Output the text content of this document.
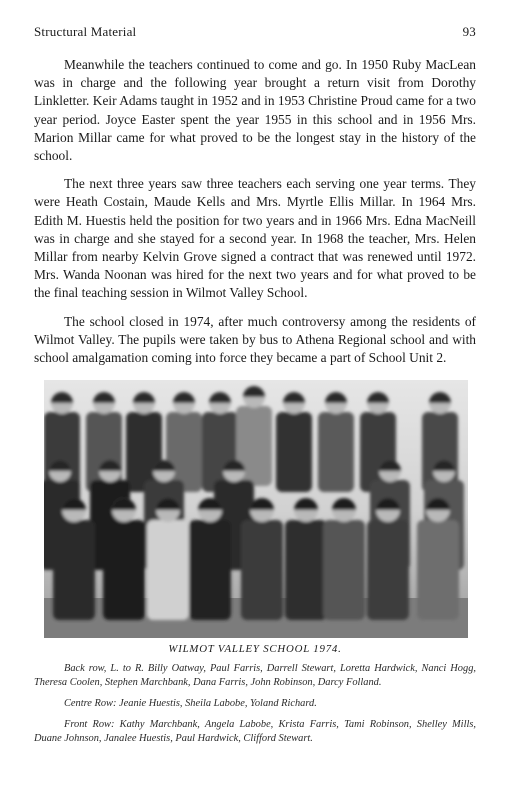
Structural Material	93

Meanwhile the teachers continued to come and go. In 1950 Ruby MacLean was in charge and the following year brought a return visit from Dorothy Linkletter. Keir Adams taught in 1952 and in 1953 Christine Proud came for a two year period. Joyce Easter spent the year 1955 in this school and in 1956 Mrs. Marion Millar came for what proved to be the longest stay in the history of the school.

The next three years saw three teachers each serving one year terms. They were Heath Costain, Maude Kells and Mrs. Myrtle Ellis Millar. In 1964 Mrs. Edith M. Huestis held the position for two years and in 1966 Mrs. Edna MacNeill was in charge and she stayed for a second year. In 1968 the teacher, Mrs. Helen Millar from nearby Kelvin Grove signed a contract that was renewed until 1972. Mrs. Wanda Noonan was hired for the next two years and for what proved to be the final teaching session in Wilmot Valley School.

The school closed in 1974, after much controversy among the residents of Wilmot Valley. The pupils were taken by bus to Athena Regional school and with school amalgamation coming into force they became a part of School Unit 2.

WILMOT VALLEY SCHOOL 1974.

Back row, L. to R. Billy Oatway, Paul Farris, Darrell Stewart, Loretta Hardwick, Nanci Hogg, Theresa Coolen, Stephen Marchbank, Dana Farris, John Robinson, Darcy Folland.

Centre Row: Jeanie Huestis, Sheila Labobe, Yoland Richard.

Front Row: Kathy Marchbank, Angela Labobe, Krista Farris, Tami Robinson, Shelley Mills, Duane Johnson, Janalee Huestis, Paul Hardwick, Clifford Stewart.
